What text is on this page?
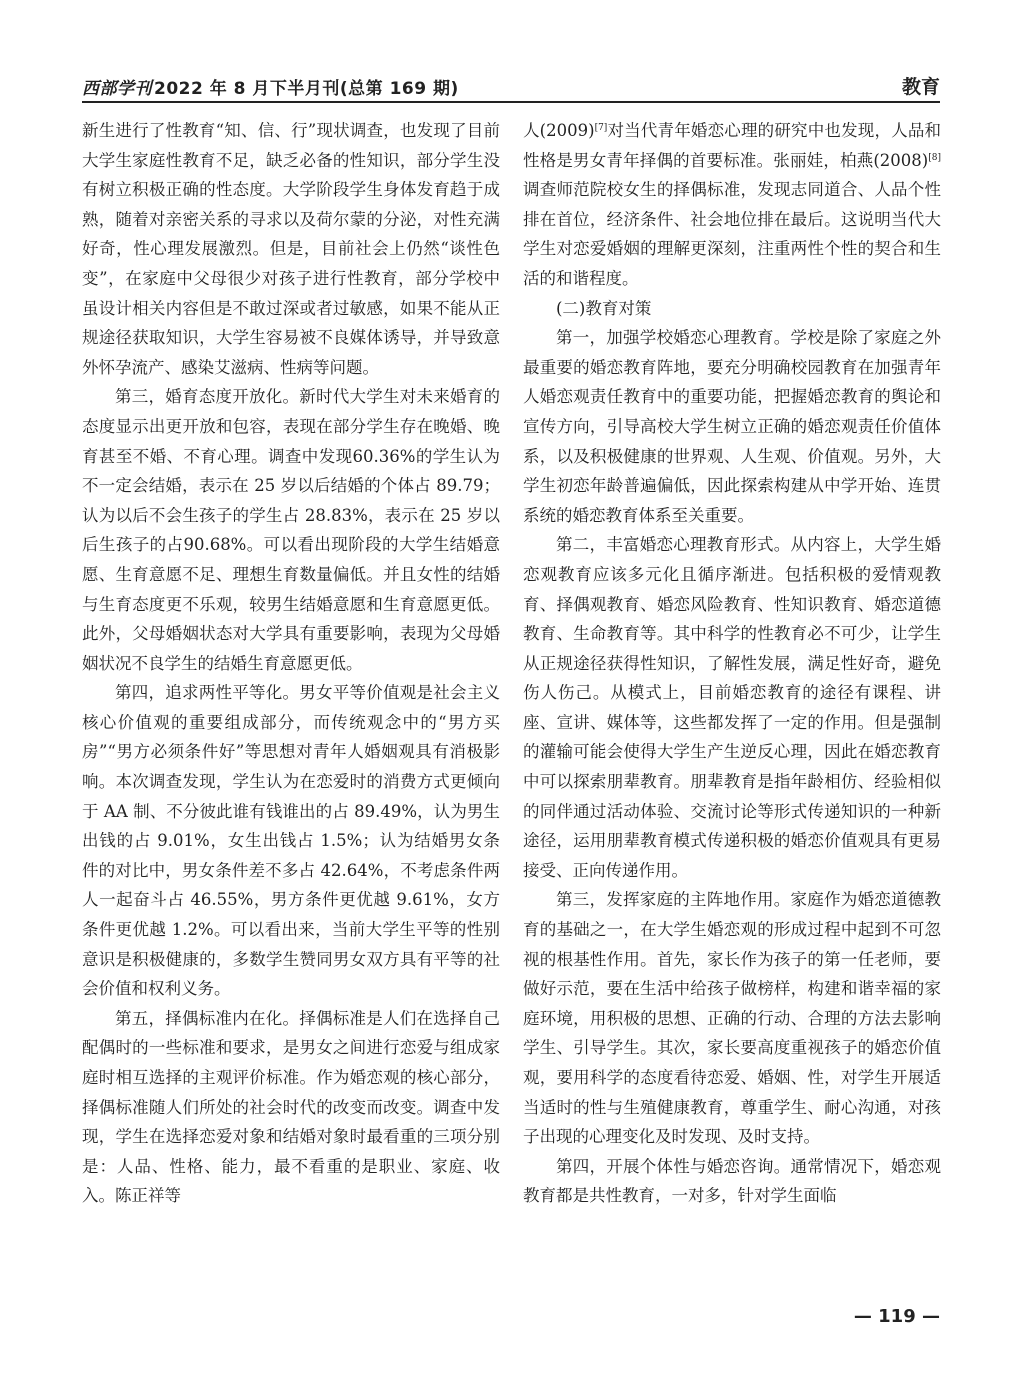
西部学刊 2022 年 8 月下半月刊(总第 169 期)	教育

新生进行了性教育“知、信、行”现状调查，也发现了目前大学生家庭性教育不足，缺乏必备的性知识，部分学生没有树立积极正确的性态度。大学阶段学生身体发育趋于成熟，随着对亲密关系的寻求以及荷尔蒙的分泌，对性充满好奇，性心理发展激烈。但是，目前社会上仍然“谈性色变”，在家庭中父母很少对孩子进行性教育，部分学校中虽设计相关内容但是不敢过深或者过敏感，如果不能从正规途径获取知识，大学生容易被不良媒体诱导，并导致意外怀孕流产、感染艾滋病、性病等问题。

第三，婚育态度开放化。新时代大学生对未来婚育的态度显示出更开放和包容，表现在部分学生存在晚婚、晚育甚至不婚、不育心理。调查中发现60.36%的学生认为不一定会结婚，表示在 25 岁以后结婚的个体占 89.79；认为以后不会生孩子的学生占 28.83%，表示在 25 岁以后生孩子的占90.68%。可以看出现阶段的大学生结婚意愿、生育意愿不足、理想生育数量偏低。并且女性的结婚与生育态度更不乐观，较男生结婚意愿和生育意愿更低。此外，父母婚姻状态对大学具有重要影响，表现为父母婚姻状况不良学生的结婚生育意愿更低。

第四，追求两性平等化。男女平等价值观是社会主义核心价值观的重要组成部分，而传统观念中的“男方买房”“男方必须条件好”等思想对青年人婚姻观具有消极影响。本次调查发现，学生认为在恋爱时的消费方式更倾向于 AA 制、不分彼此谁有钱谁出的占 89.49%，认为男生出钱的占 9.01%，女生出钱占 1.5%；认为结婚男女条件的对比中，男女条件差不多占 42.64%，不考虑条件两人一起奋斗占 46.55%，男方条件更优越 9.61%，女方条件更优越 1.2%。可以看出来，当前大学生平等的性别意识是积极健康的，多数学生赞同男女双方具有平等的社会价值和权利义务。

第五，择偶标准内在化。择偶标准是人们在选择自己配偶时的一些标准和要求，是男女之间进行恋爱与组成家庭时相互选择的主观评价标准。作为婚恋观的核心部分，择偶标准随人们所处的社会时代的改变而改变。调查中发现，学生在选择恋爱对象和结婚对象时最看重的三项分别是：人品、性格、能力，最不看重的是职业、家庭、收入。陈正祥等

人(2009)[7]对当代青年婚恋心理的研究中也发现，人品和性格是男女青年择偶的首要标准。张丽娃，柏燕(2008)[8]调查师范院校女生的择偶标准，发现志同道合、人品个性排在首位，经济条件、社会地位排在最后。这说明当代大学生对恋爱婚姻的理解更深刻，注重两性个性的契合和生活的和谐程度。

(二)教育对策

第一，加强学校婚恋心理教育。学校是除了家庭之外最重要的婚恋教育阵地，要充分明确校园教育在加强青年人婚恋观责任教育中的重要功能，把握婚恋教育的舆论和宣传方向，引导高校大学生树立正确的婚恋观责任价值体系，以及积极健康的世界观、人生观、价值观。另外，大学生初恋年龄普遍偏低，因此探索构建从中学开始、连贯系统的婚恋教育体系至关重要。

第二，丰富婚恋心理教育形式。从内容上，大学生婚恋观教育应该多元化且循序渐进。包括积极的爱情观教育、择偶观教育、婚恋风险教育、性知识教育、婚恋道德教育、生命教育等。其中科学的性教育必不可少，让学生从正规途径获得性知识，了解性发展，满足性好奇，避免伤人伤己。从模式上，目前婚恋教育的途径有课程、讲座、宣讲、媒体等，这些都发挥了一定的作用。但是强制的灌输可能会使得大学生产生逆反心理，因此在婚恋教育中可以探索朋辈教育。朋辈教育是指年龄相仿、经验相似的同伴通过活动体验、交流讨论等形式传递知识的一种新途径，运用朋辈教育模式传递积极的婚恋价值观具有更易接受、正向传递作用。

第三，发挥家庭的主阵地作用。家庭作为婚恋道德教育的基础之一，在大学生婚恋观的形成过程中起到不可忽视的根基性作用。首先，家长作为孩子的第一任老师，要做好示范，要在生活中给孩子做榜样，构建和谐幸福的家庭环境，用积极的思想、正确的行动、合理的方法去影响学生、引导学生。其次，家长要高度重视孩子的婚恋价值观，要用科学的态度看待恋爱、婚姻、性，对学生开展适当适时的性与生殖健康教育，尊重学生、耐心沟通，对孩子出现的心理变化及时发现、及时支持。

第四，开展个体性与婚恋咨询。通常情况下，婚恋观教育都是共性教育，一对多，针对学生面临

— 119 —
